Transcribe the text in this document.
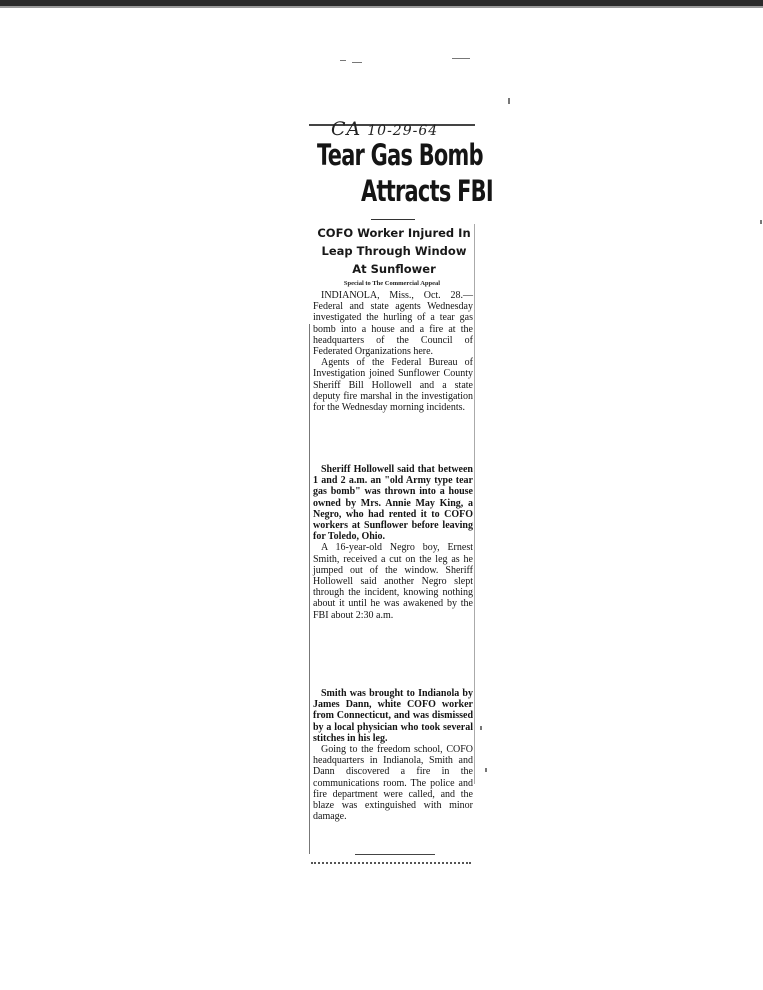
CA 10-29-64
Tear Gas Bomb
Attracts FBI
COFO Worker Injured In Leap Through Window At Sunflower
Special to The Commercial Appeal

INDIANOLA, Miss., Oct. 28.—Federal and state agents Wednesday investigated the hurling of a tear gas bomb into a house and a fire at the headquarters of the Council of Federated Organizations here.

Agents of the Federal Bureau of Investigation joined Sunflower County Sheriff Bill Hollowell and a state deputy fire marshal in the investigation for the Wednesday morning incidents.

Sheriff Hollowell said that between 1 and 2 a.m. an "old Army type tear gas bomb" was thrown into a house owned by Mrs. Annie May King, a Negro, who had rented it to COFO workers at Sunflower before leaving for Toledo, Ohio.

A 16-year-old Negro boy, Ernest Smith, received a cut on the leg as he jumped out of the window. Sheriff Hollowell said another Negro slept through the incident, knowing nothing about it until he was awakened by the FBI about 2:30 a.m.

Smith was brought to Indianola by James Dann, white COFO worker from Connecticut, and was dismissed by a local physician who took several stitches in his leg.

Going to the freedom school, COFO headquarters in Indianola, Smith and Dann discovered a fire in the communications room. The police and fire department were called, and the blaze was extinguished with minor damage.
